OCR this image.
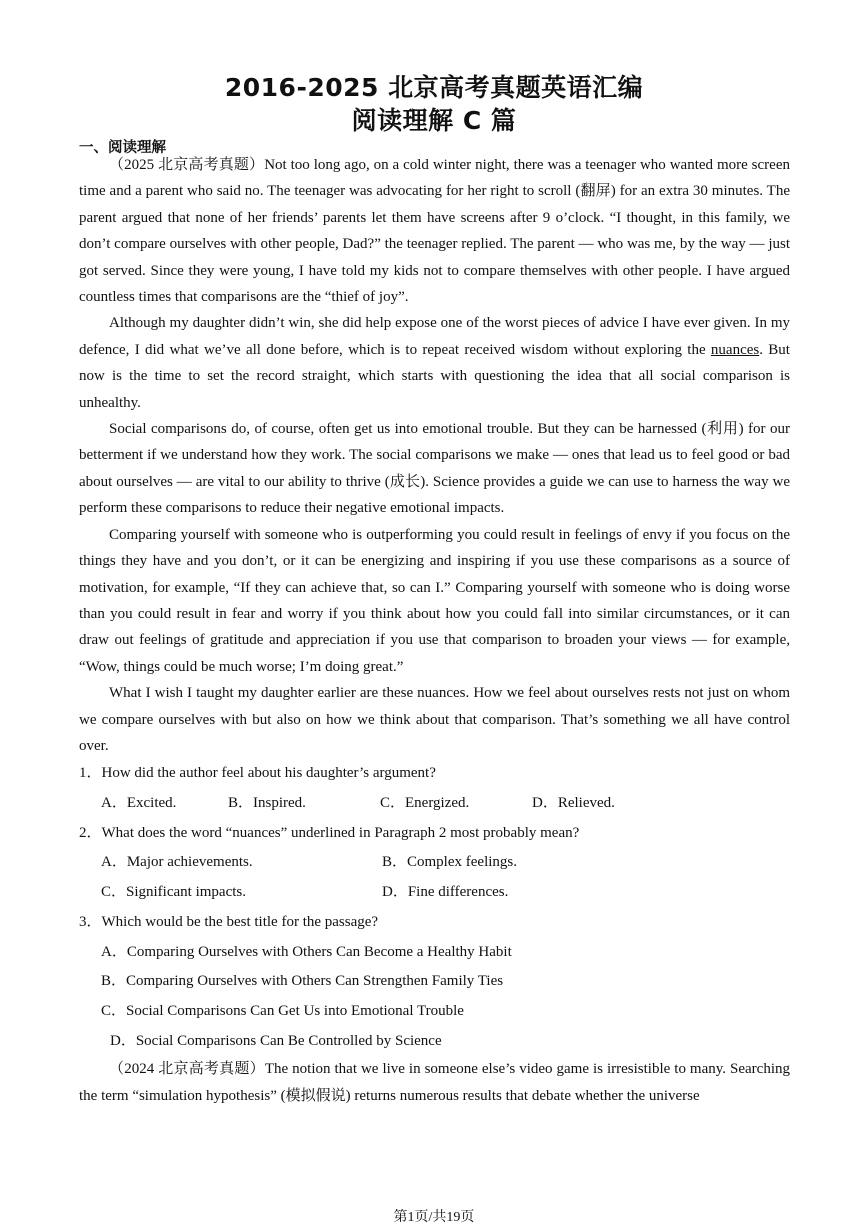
2016-2025 北京高考真题英语汇编
阅读理解 C 篇
一、阅读理解

（2025 北京高考真题）Not too long ago, on a cold winter night, there was a teenager who wanted more screen time and a parent who said no. The teenager was advocating for her right to scroll (翻屏) for an extra 30 minutes. The parent argued that none of her friends’ parents let them have screens after 9 o’clock. “I thought, in this family, we don’t compare ourselves with other people, Dad?” the teenager replied. The parent — who was me, by the way — just got served. Since they were young, I have told my kids not to compare themselves with other people. I have argued countless times that comparisons are the “thief of joy”.

Although my daughter didn’t win, she did help expose one of the worst pieces of advice I have ever given. In my defence, I did what we’ve all done before, which is to repeat received wisdom without exploring the nuances. But now is the time to set the record straight, which starts with questioning the idea that all social comparison is unhealthy.

Social comparisons do, of course, often get us into emotional trouble. But they can be harnessed (利用) for our betterment if we understand how they work. The social comparisons we make — ones that lead us to feel good or bad about ourselves — are vital to our ability to thrive (成长). Science provides a guide we can use to harness the way we perform these comparisons to reduce their negative emotional impacts.

Comparing yourself with someone who is outperforming you could result in feelings of envy if you focus on the things they have and you don’t, or it can be energizing and inspiring if you use these comparisons as a source of motivation, for example, “If they can achieve that, so can I.” Comparing yourself with someone who is doing worse than you could result in fear and worry if you think about how you could fall into similar circumstances, or it can draw out feelings of gratitude and appreciation if you use that comparison to broaden your views — for example, “Wow, things could be much worse; I’m doing great.”

What I wish I taught my daughter earlier are these nuances. How we feel about ourselves rests not just on whom we compare ourselves with but also on how we think about that comparison. That’s something we all have control over.

1．How did the author feel about his daughter’s argument?

A．Excited.	B．Inspired.	C．Energized.	D．Relieved.

2．What does the word “nuances” underlined in Paragraph 2 most probably mean?

A．Major achievements.	B．Complex feelings.
C．Significant impacts.	D．Fine differences.

3．Which would be the best title for the passage?

A．Comparing Ourselves with Others Can Become a Healthy Habit
B．Comparing Ourselves with Others Can Strengthen Family Ties
C．Social Comparisons Can Get Us into Emotional Trouble
D．Social Comparisons Can Be Controlled by Science

（2024 北京高考真题）The notion that we live in someone else’s video game is irresistible to many. Searching the term “simulation hypothesis” (模拟假说) returns numerous results that debate whether the universe

第1页/共19页
